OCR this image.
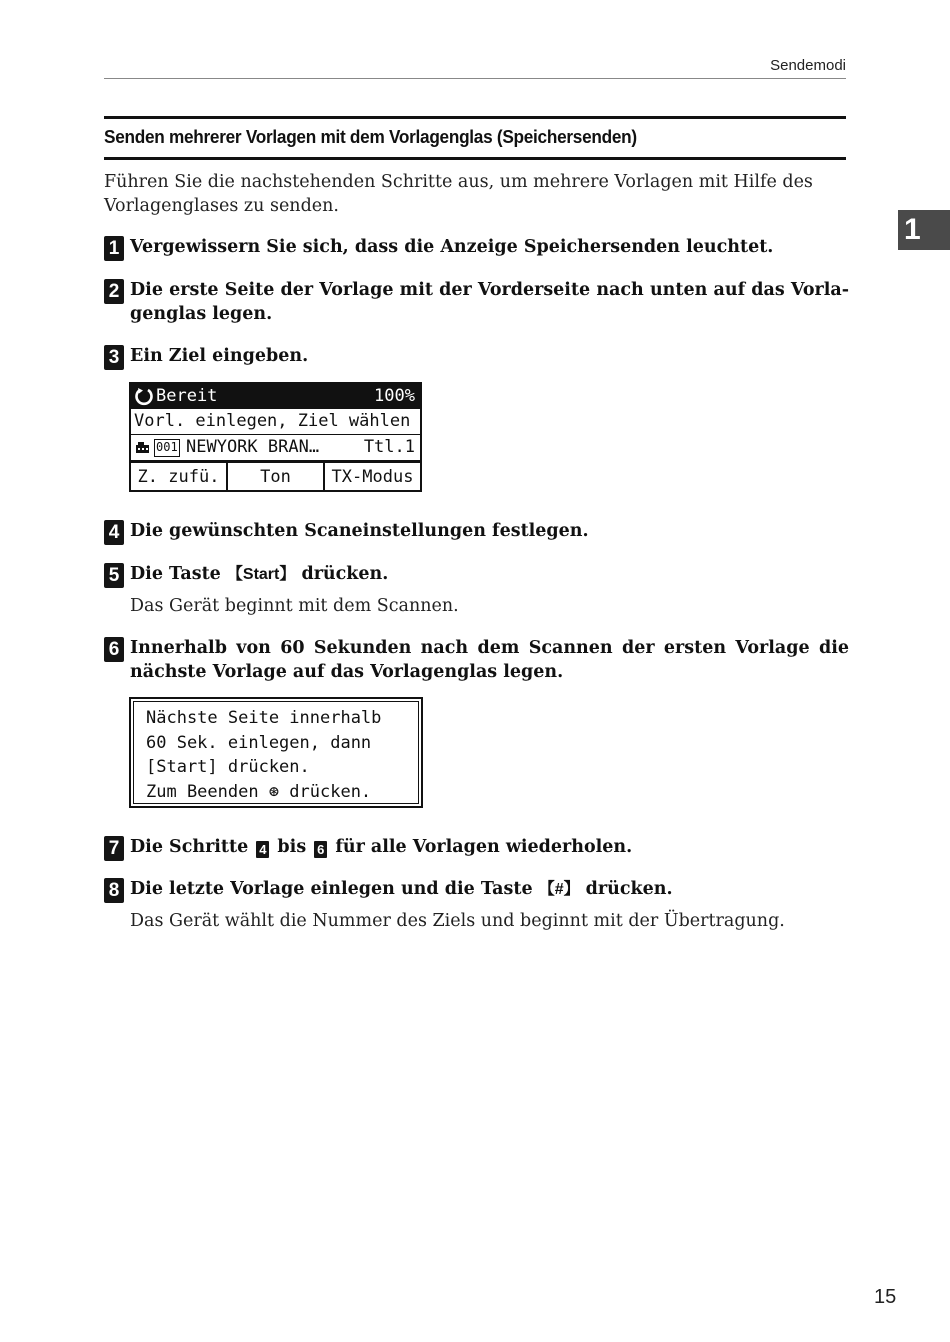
Sendemodi
1
Senden mehrerer Vorlagen mit dem Vorlagenglas (Speichersenden)
Führen Sie die nachstehenden Schritte aus, um mehrere Vorlagen mit Hilfe des Vorlagenglases zu senden.
1 Vergewissern Sie sich, dass die Anzeige Speichersenden leuchtet.
2 Die erste Seite der Vorlage mit der Vorderseite nach unten auf das Vorlagenglas legen.
3 Ein Ziel eingeben.
Bereit	100%
Vorl. einlegen, Ziel wählen
001 NEWYORK BRAN…	Ttl.1
Z. zufü.	Ton	TX-Modus
4 Die gewünschten Scaneinstellungen festlegen.
5 Die Taste 【Start】 drücken.
Das Gerät beginnt mit dem Scannen.
6 Innerhalb von 60 Sekunden nach dem Scannen der ersten Vorlage die nächste Vorlage auf das Vorlagenglas legen.
Nächste Seite innerhalb
60 Sek. einlegen, dann
[Start] drücken.
Zum Beenden ⊛ drücken.
7 Die Schritte 4 bis 6 für alle Vorlagen wiederholen.
8 Die letzte Vorlage einlegen und die Taste 【#】 drücken.
Das Gerät wählt die Nummer des Ziels und beginnt mit der Übertragung.
15
